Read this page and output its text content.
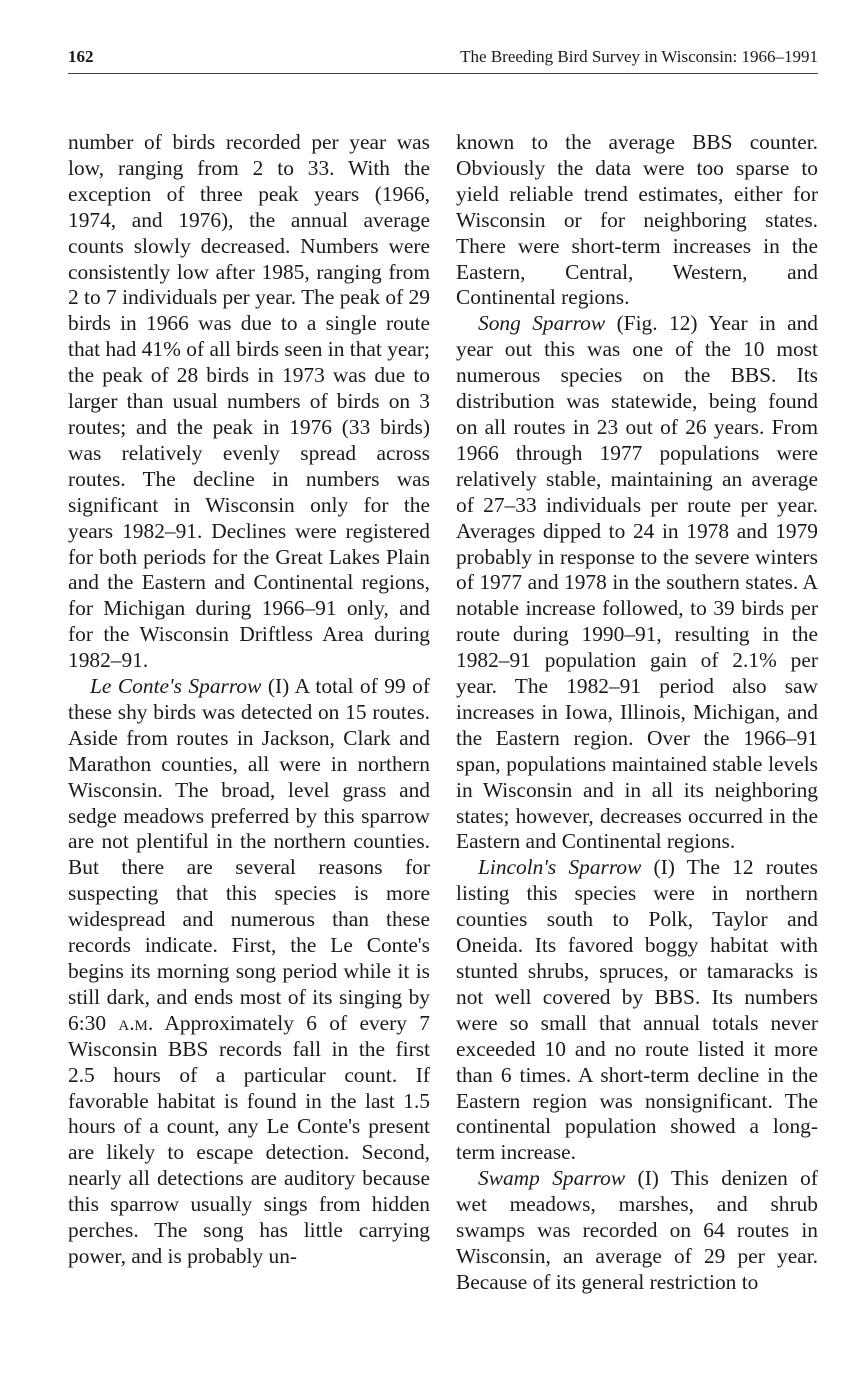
162	The Breeding Bird Survey in Wisconsin: 1966–1991

number of birds recorded per year was low, ranging from 2 to 33. With the exception of three peak years (1966, 1974, and 1976), the annual average counts slowly decreased. Numbers were consistently low after 1985, ranging from 2 to 7 individuals per year. The peak of 29 birds in 1966 was due to a single route that had 41% of all birds seen in that year; the peak of 28 birds in 1973 was due to larger than usual numbers of birds on 3 routes; and the peak in 1976 (33 birds) was relatively evenly spread across routes. The decline in numbers was significant in Wisconsin only for the years 1982–91. Declines were registered for both periods for the Great Lakes Plain and the Eastern and Continental regions, for Michigan during 1966–91 only, and for the Wisconsin Driftless Area during 1982–91.

Le Conte's Sparrow (I) A total of 99 of these shy birds was detected on 15 routes. Aside from routes in Jackson, Clark and Marathon counties, all were in northern Wisconsin. The broad, level grass and sedge meadows preferred by this sparrow are not plentiful in the northern counties. But there are several reasons for suspecting that this species is more widespread and numerous than these records indicate. First, the Le Conte's begins its morning song period while it is still dark, and ends most of its singing by 6:30 a.m. Approximately 6 of every 7 Wisconsin BBS records fall in the first 2.5 hours of a particular count. If favorable habitat is found in the last 1.5 hours of a count, any Le Conte's present are likely to escape detection. Second, nearly all detections are auditory because this sparrow usually sings from hidden perches. The song has little carrying power, and is probably un-

known to the average BBS counter. Obviously the data were too sparse to yield reliable trend estimates, either for Wisconsin or for neighboring states. There were short-term increases in the Eastern, Central, Western, and Continental regions.

Song Sparrow (Fig. 12) Year in and year out this was one of the 10 most numerous species on the BBS. Its distribution was statewide, being found on all routes in 23 out of 26 years. From 1966 through 1977 populations were relatively stable, maintaining an average of 27–33 individuals per route per year. Averages dipped to 24 in 1978 and 1979 probably in response to the severe winters of 1977 and 1978 in the southern states. A notable increase followed, to 39 birds per route during 1990–91, resulting in the 1982–91 population gain of 2.1% per year. The 1982–91 period also saw increases in Iowa, Illinois, Michigan, and the Eastern region. Over the 1966–91 span, populations maintained stable levels in Wisconsin and in all its neighboring states; however, decreases occurred in the Eastern and Continental regions.

Lincoln's Sparrow (I) The 12 routes listing this species were in northern counties south to Polk, Taylor and Oneida. Its favored boggy habitat with stunted shrubs, spruces, or tamaracks is not well covered by BBS. Its numbers were so small that annual totals never exceeded 10 and no route listed it more than 6 times. A short-term decline in the Eastern region was nonsignificant. The continental population showed a long-term increase.

Swamp Sparrow (I) This denizen of wet meadows, marshes, and shrub swamps was recorded on 64 routes in Wisconsin, an average of 29 per year. Because of its general restriction to
